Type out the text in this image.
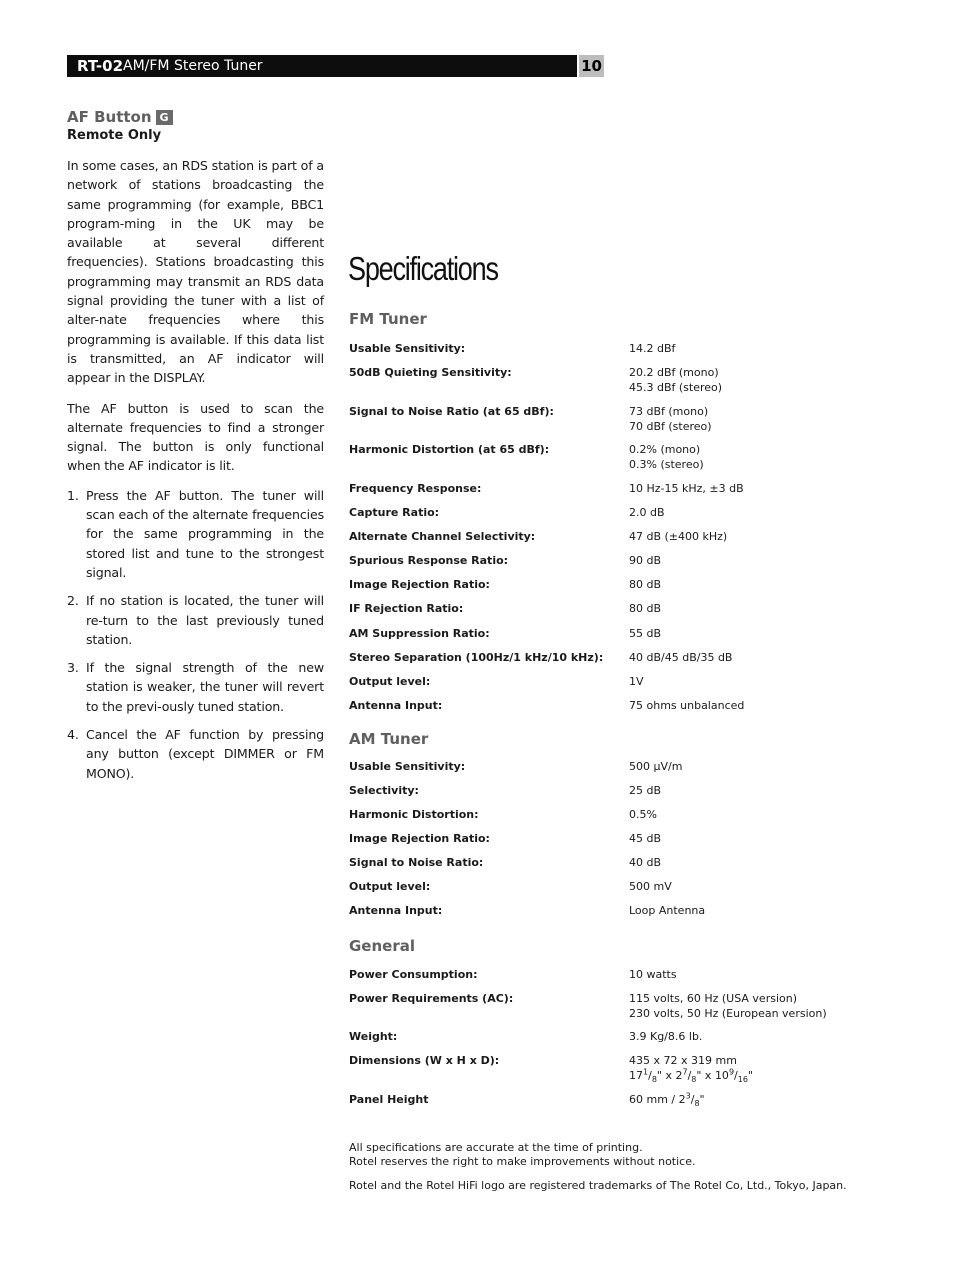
RT-02 AM/FM Stereo Tuner	10
AF Button G
Remote Only

In some cases, an RDS station is part of a network of stations broadcasting the same programming (for example, BBC1 program-ming in the UK may be available at several different frequencies). Stations broadcasting this programming may transmit an RDS data signal providing the tuner with a list of alter-nate frequencies where this programming is available. If this data list is transmitted, an AF indicator will appear in the DISPLAY.

The AF button is used to scan the alternate frequencies to find a stronger signal. The button is only functional when the AF indicator is lit.

1. Press the AF button. The tuner will scan each of the alternate frequencies for the same programming in the stored list and tune to the strongest signal.
2. If no station is located, the tuner will re-turn to the last previously tuned station.
3. If the signal strength of the new station is weaker, the tuner will revert to the previ-ously tuned station.
4. Cancel the AF function by pressing any button (except DIMMER or FM MONO).
Specifications
FM Tuner
Usable Sensitivity:	14.2 dBf
50dB Quieting Sensitivity:	20.2 dBf (mono)
45.3 dBf (stereo)
Signal to Noise Ratio (at 65 dBf):	73 dBf (mono)
70 dBf (stereo)
Harmonic Distortion (at 65 dBf):	0.2% (mono)
0.3% (stereo)
Frequency Response:	10 Hz-15 kHz, ±3 dB
Capture Ratio:	2.0 dB
Alternate Channel Selectivity:	47 dB (±400 kHz)
Spurious Response Ratio:	90 dB
Image Rejection Ratio:	80 dB
IF Rejection Ratio:	80 dB
AM Suppression Ratio:	55 dB
Stereo Separation (100Hz/1 kHz/10 kHz): 40 dB/45 dB/35 dB
Output level:	1V
Antenna Input:	75 ohms unbalanced
AM Tuner
Usable Sensitivity:	500 µV/m
Selectivity:	25 dB
Harmonic Distortion:	0.5%
Image Rejection Ratio:	45 dB
Signal to Noise Ratio:	40 dB
Output level:	500 mV
Antenna Input:	Loop Antenna
General
Power Consumption:	10 watts
Power Requirements (AC):	115 volts, 60 Hz (USA version)
230 volts, 50 Hz (European version)
Weight:	3.9 Kg/8.6 lb.
Dimensions (W x H x D):	435 x 72 x 319 mm
$17^1/_8$" x $2^7/_8$" x $10^9/_{16}$"
Panel Height	60 mm / $2^3/_8$"

All specifications are accurate at the time of printing.

Rotel reserves the right to make improvements without notice.

Rotel and the Rotel HiFi logo are registered trademarks of The Rotel Co, Ltd., Tokyo, Japan.
